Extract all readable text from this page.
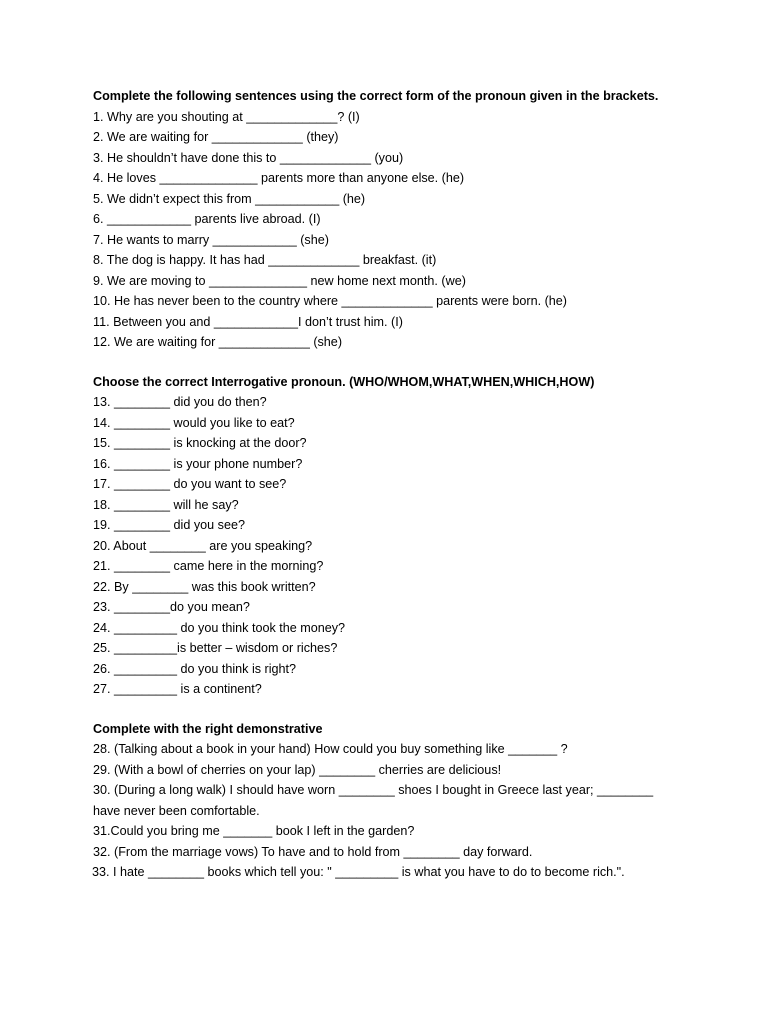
Complete the following sentences using the correct form of the pronoun given in the brackets.
1. Why are you shouting at _____________? (I)
2. We are waiting for _____________ (they)
3. He shouldn’t have done this to _____________ (you)
4. He loves ______________ parents more than anyone else. (he)
5. We didn’t expect this from ____________ (he)
6. ____________ parents live abroad. (I)
7. He wants to marry ____________ (she)
8. The dog is happy. It has had _____________ breakfast. (it)
9. We are moving to ______________ new home next month. (we)
10. He has never been to the country where _____________ parents were born. (he)
11. Between you and ____________I don’t trust him. (I)
12. We are waiting for _____________ (she)
Choose the correct Interrogative pronoun. (WHO/WHOM,WHAT,WHEN,WHICH,HOW)
13. ________ did you do then?
14. ________ would you like to eat?
15. ________ is knocking at the door?
16. ________ is your phone number?
17. ________ do you want to see?
18. ________ will he say?
19. ________ did you see?
20. About ________ are you speaking?
21. ________ came here in the morning?
22. By ________ was this book written?
23. ________do you mean?
24. _________ do you think took the money?
25. _________is better – wisdom or riches?
26. _________ do you think is right?
27. _________ is a continent?
Complete with the right demonstrative
28. (Talking about a book in your hand) How could you buy something like _______ ?
29. (With a bowl of cherries on your lap) ________ cherries are delicious!
30. (During a long walk) I should have worn ________ shoes I bought in Greece last year; ________ have never been comfortable.
31.Could you bring me _______ book I left in the garden?
32. (From the marriage vows) To have and to hold from ________ day forward.
33. I hate ________ books which tell you: " _________ is what you have to do to become rich.".
